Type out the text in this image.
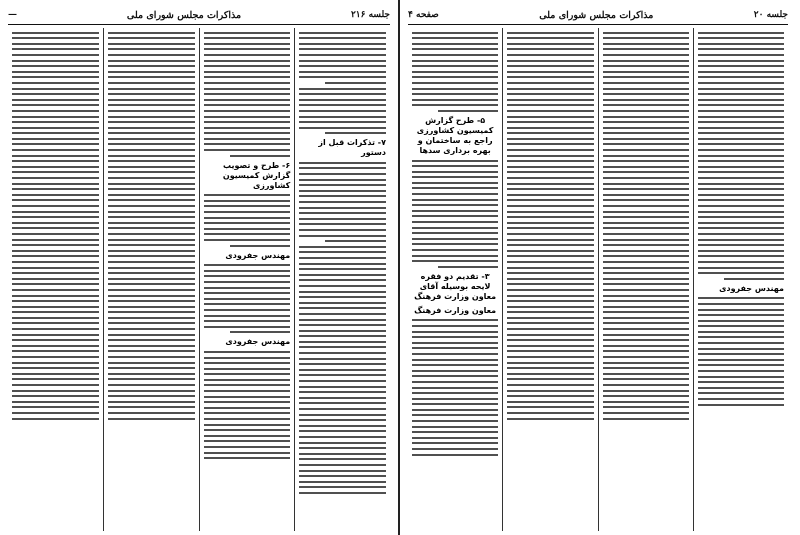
جلسه ۲۱۶
مذاکرات مجلس شورای ملی
—
۷- تذکرات قبل از دستور
۶- طرح و تصویب گزارش کمیسیون کشاورزی
مهندس جفرودی
مهندس جفرودی
جلسه ۲۰
مذاکرات مجلس شورای ملی
صفحه ۴
مهندس جفرودی
۵- طرح گزارش کمیسیون کشاورزی راجع به ساختمان و بهره برداری سدها
۳- تقدیم دو فقره لایحه بوسیله آقای معاون وزارت فرهنگ
معاون وزارت فرهنگ
